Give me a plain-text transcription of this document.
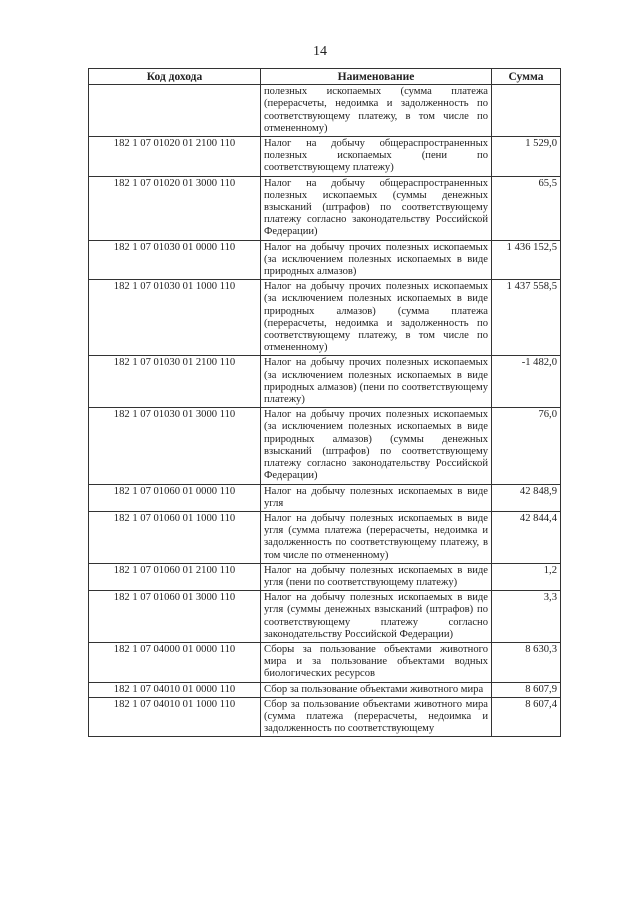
14
Код дохода	Наименование	Сумма
	полезных ископаемых (сумма платежа (перерасчеты, недоимка и задолженность по соответствующему платежу, в том числе по отмененному)	
182 1 07 01020 01 2100 110	Налог на добычу общераспространенных полезных ископаемых (пени по соответствующему платежу)	1 529,0
182 1 07 01020 01 3000 110	Налог на добычу общераспространенных полезных ископаемых (суммы денежных взысканий (штрафов) по соответствующему платежу согласно законодательству Российской Федерации)	65,5
182 1 07 01030 01 0000 110	Налог на добычу прочих полезных ископаемых (за исключением полезных ископаемых в виде природных алмазов)	1 436 152,5
182 1 07 01030 01 1000 110	Налог на добычу прочих полезных ископаемых (за исключением полезных ископаемых в виде природных алмазов) (сумма платежа (перерасчеты, недоимка и задолженность по соответствующему платежу, в том числе по отмененному)	1 437 558,5
182 1 07 01030 01 2100 110	Налог на добычу прочих полезных ископаемых (за исключением полезных ископаемых в виде природных алмазов) (пени по соответствующему платежу)	-1 482,0
182 1 07 01030 01 3000 110	Налог на добычу прочих полезных ископаемых (за исключением полезных ископаемых в виде природных алмазов) (суммы денежных взысканий (штрафов) по соответствующему платежу согласно законодательству Российской Федерации)	76,0
182 1 07 01060 01 0000 110	Налог на добычу полезных ископаемых в виде угля	42 848,9
182 1 07 01060 01 1000 110	Налог на добычу полезных ископаемых в виде угля (сумма платежа (перерасчеты, недоимка и задолженность по соответствующему платежу, в том числе по отмененному)	42 844,4
182 1 07 01060 01 2100 110	Налог на добычу полезных ископаемых в виде угля (пени по соответствующему платежу)	1,2
182 1 07 01060 01 3000 110	Налог на добычу полезных ископаемых в виде угля (суммы денежных взысканий (штрафов) по соответствующему платежу согласно законодательству Российской Федерации)	3,3
182 1 07 04000 01 0000 110	Сборы за пользование объектами животного мира и за пользование объектами водных биологических ресурсов	8 630,3
182 1 07 04010 01 0000 110	Сбор за пользование объектами животного мира	8 607,9
182 1 07 04010 01 1000 110	Сбор за пользование объектами животного мира (сумма платежа (перерасчеты, недоимка и задолженность по соответствующему	8 607,4
